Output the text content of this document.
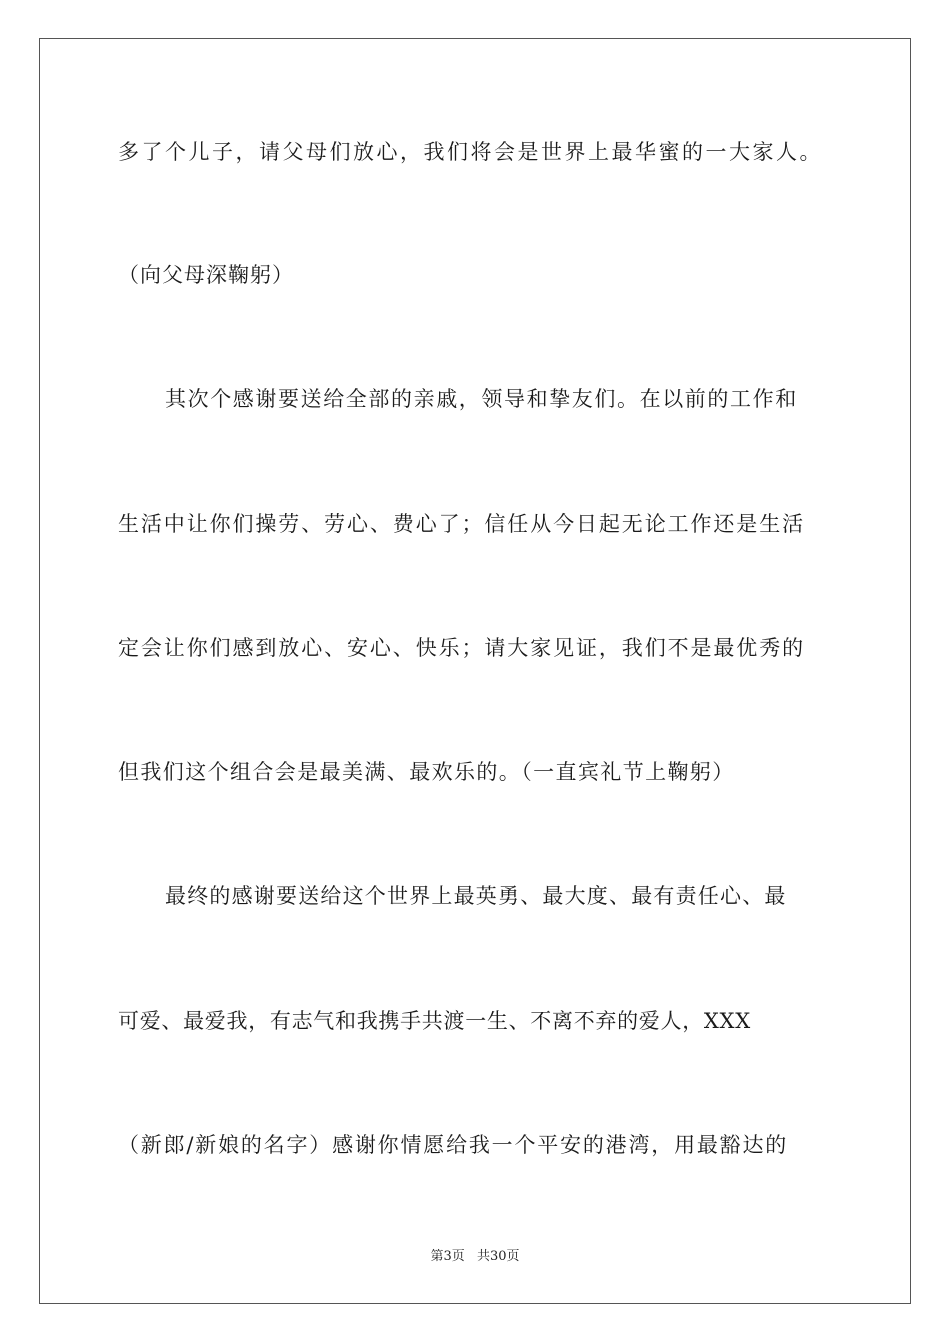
多了个儿子，请父母们放心，我们将会是世界上最华蜜的一大家人。
（向父母深鞠躬）
其次个感谢要送给全部的亲戚，领导和挚友们。在以前的工作和
生活中让你们操劳、劳心、费心了；信任从今日起无论工作还是生活
定会让你们感到放心、安心、快乐；请大家见证，我们不是最优秀的
但我们这个组合会是最美满、最欢乐的。（一直宾礼节上鞠躬）
最终的感谢要送给这个世界上最英勇、最大度、最有责任心、最
可爱、最爱我，有志气和我携手共渡一生、不离不弃的爱人，XXX
（新郎/新娘的名字）感谢你情愿给我一个平安的港湾，用最豁达的
第3页 共30页
